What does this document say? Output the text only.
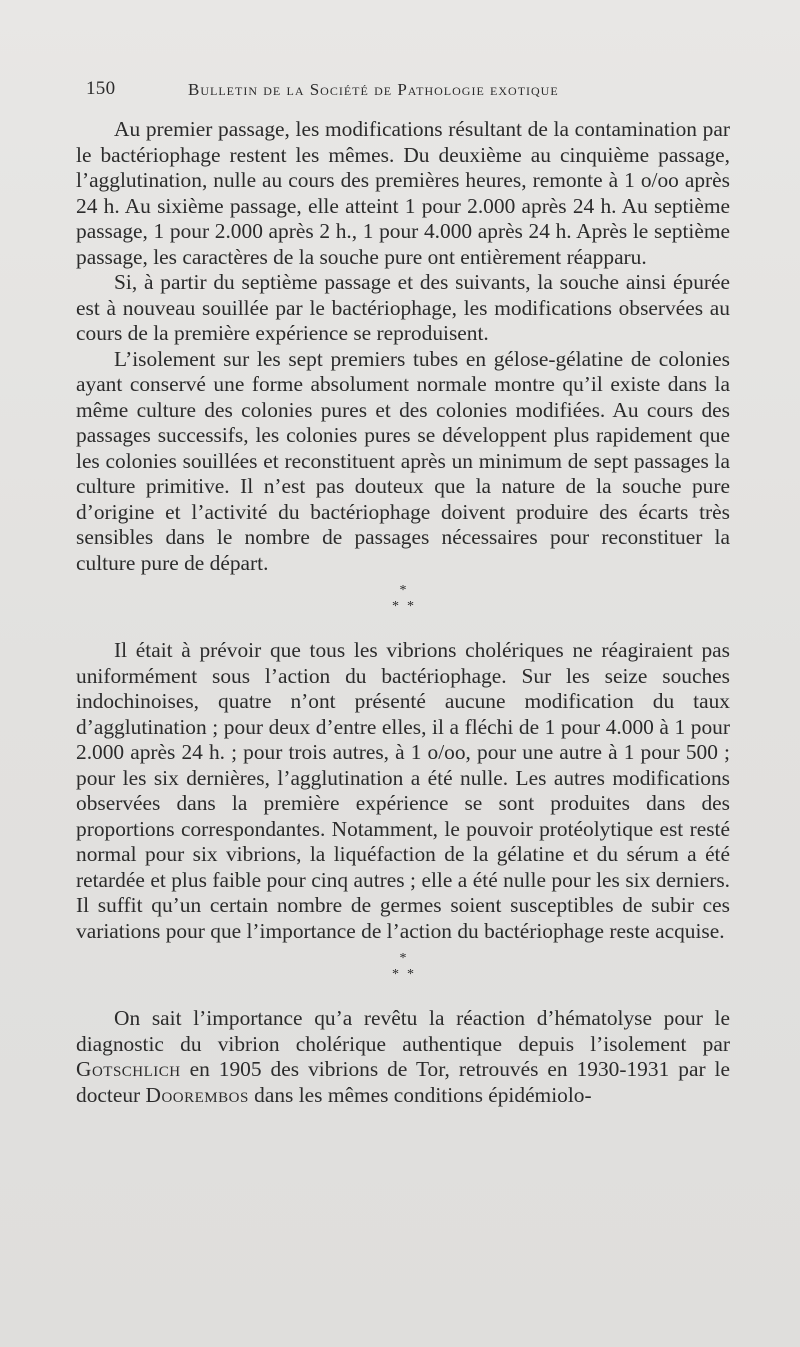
150	Bulletin de la Société de Pathologie exotique

Au premier passage, les modifications résultant de la contamination par le bactériophage restent les mêmes. Du deuxième au cinquième passage, l’agglutination, nulle au cours des premières heures, remonte à 1 o/oo après 24 h. Au sixième passage, elle atteint 1 pour 2.000 après 24 h. Au septième passage, 1 pour 2.000 après 2 h., 1 pour 4.000 après 24 h. Après le septième passage, les caractères de la souche pure ont entièrement réapparu.

Si, à partir du septième passage et des suivants, la souche ainsi épurée est à nouveau souillée par le bactériophage, les modifications observées au cours de la première expérience se reproduisent.

L’isolement sur les sept premiers tubes en gélose-gélatine de colonies ayant conservé une forme absolument normale montre qu’il existe dans la même culture des colonies pures et des colonies modifiées. Au cours des passages successifs, les colonies pures se développent plus rapidement que les colonies souillées et reconstituent après un minimum de sept passages la culture primitive. Il n’est pas douteux que la nature de la souche pure d’origine et l’activité du bactériophage doivent produire des écarts très sensibles dans le nombre de passages nécessaires pour reconstituer la culture pure de départ.

*
**

Il était à prévoir que tous les vibrions cholériques ne réagiraient pas uniformément sous l’action du bactériophage. Sur les seize souches indochinoises, quatre n’ont présenté aucune modification du taux d’agglutination ; pour deux d’entre elles, il a fléchi de 1 pour 4.000 à 1 pour 2.000 après 24 h. ; pour trois autres, à 1 o/oo, pour une autre à 1 pour 500 ; pour les six dernières, l’agglutination a été nulle. Les autres modifications observées dans la première expérience se sont produites dans des proportions correspondantes. Notamment, le pouvoir protéolytique est resté normal pour six vibrions, la liquéfaction de la gélatine et du sérum a été retardée et plus faible pour cinq autres ; elle a été nulle pour les six derniers. Il suffit qu’un certain nombre de germes soient susceptibles de subir ces variations pour que l’importance de l’action du bactériophage reste acquise.

*
**

On sait l’importance qu’a revêtu la réaction d’hématolyse pour le diagnostic du vibrion cholérique authentique depuis l’isolement par Gotschlich en 1905 des vibrions de Tor, retrouvés en 1930-1931 par le docteur Doorembos dans les mêmes conditions épidémiolo-
